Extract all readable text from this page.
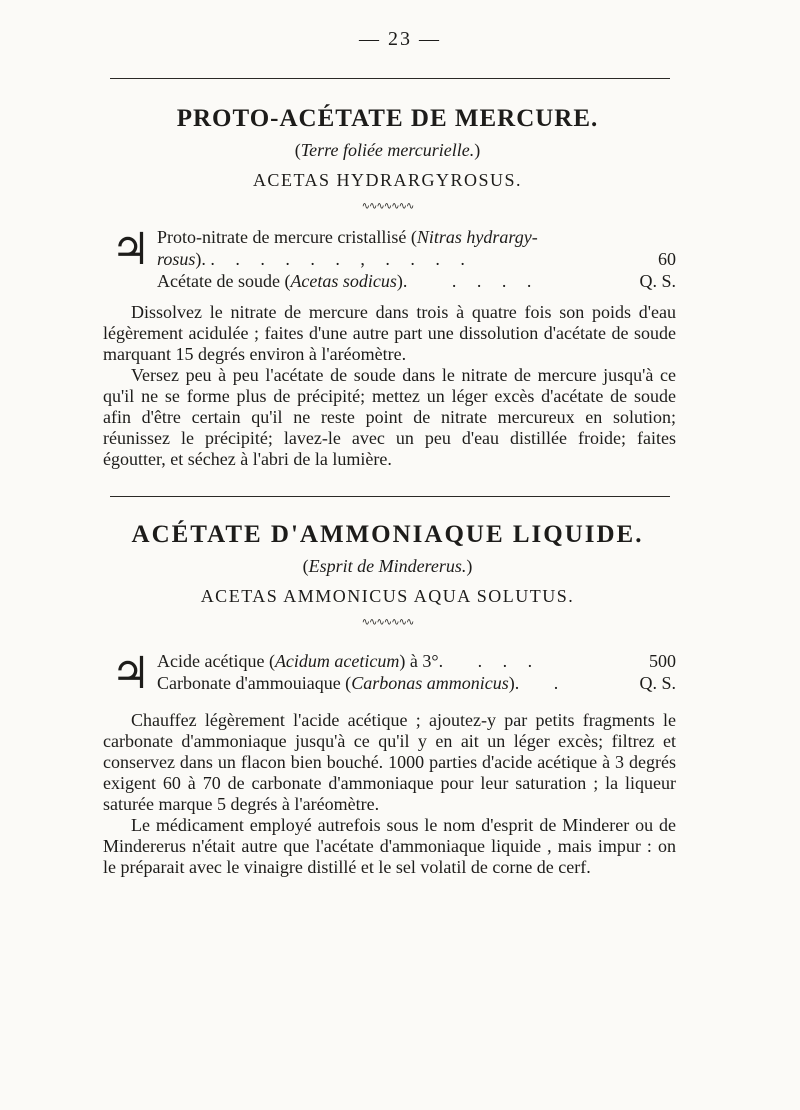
— 23 —
PROTO-ACÉTATE DE MERCURE.
(Terre foliée mercurielle.)
ACETAS HYDRARGYROSUS.
∿∿∿∿∿∿∿
♃ Proto-nitrate de mercure cristallisé (Nitras hydrargy-
rosus). . . . . . . , . . . .	60
Acétate de soude (Acetas sodicus). . . . .	Q. S.

Dissolvez le nitrate de mercure dans trois à quatre fois son poids d'eau légèrement acidulée ; faites d'une autre part une dissolution d'acétate de soude marquant 15 degrés environ à l'aréomètre.

Versez peu à peu l'acétate de soude dans le nitrate de mercure jusqu'à ce qu'il ne se forme plus de précipité; mettez un léger excès d'acétate de soude afin d'être certain qu'il ne reste point de nitrate mercureux en solution; réunissez le précipité; lavez-le avec un peu d'eau distillée froide; faites égoutter, et séchez à l'abri de la lumière.

ACÉTATE D'AMMONIAQUE LIQUIDE.
(Esprit de Mindererus.)
ACETAS AMMONICUS AQUA SOLUTUS.
∿∿∿∿∿∿∿
♃ Acide acétique (Acidum aceticum) à 3°. . . .	500
Carbonate d'ammouiaque (Carbonas ammonicus). .	Q. S.

Chauffez légèrement l'acide acétique ; ajoutez-y par petits fragments le carbonate d'ammoniaque jusqu'à ce qu'il y en ait un léger excès; filtrez et conservez dans un flacon bien bouché. 1000 parties d'acide acétique à 3 degrés exigent 60 à 70 de carbonate d'ammoniaque pour leur saturation ; la liqueur saturée marque 5 degrés à l'aréomètre.

Le médicament employé autrefois sous le nom d'esprit de Minderer ou de Mindererus n'était autre que l'acétate d'ammoniaque liquide , mais impur : on le préparait avec le vinaigre distillé et le sel volatil de corne de cerf.
